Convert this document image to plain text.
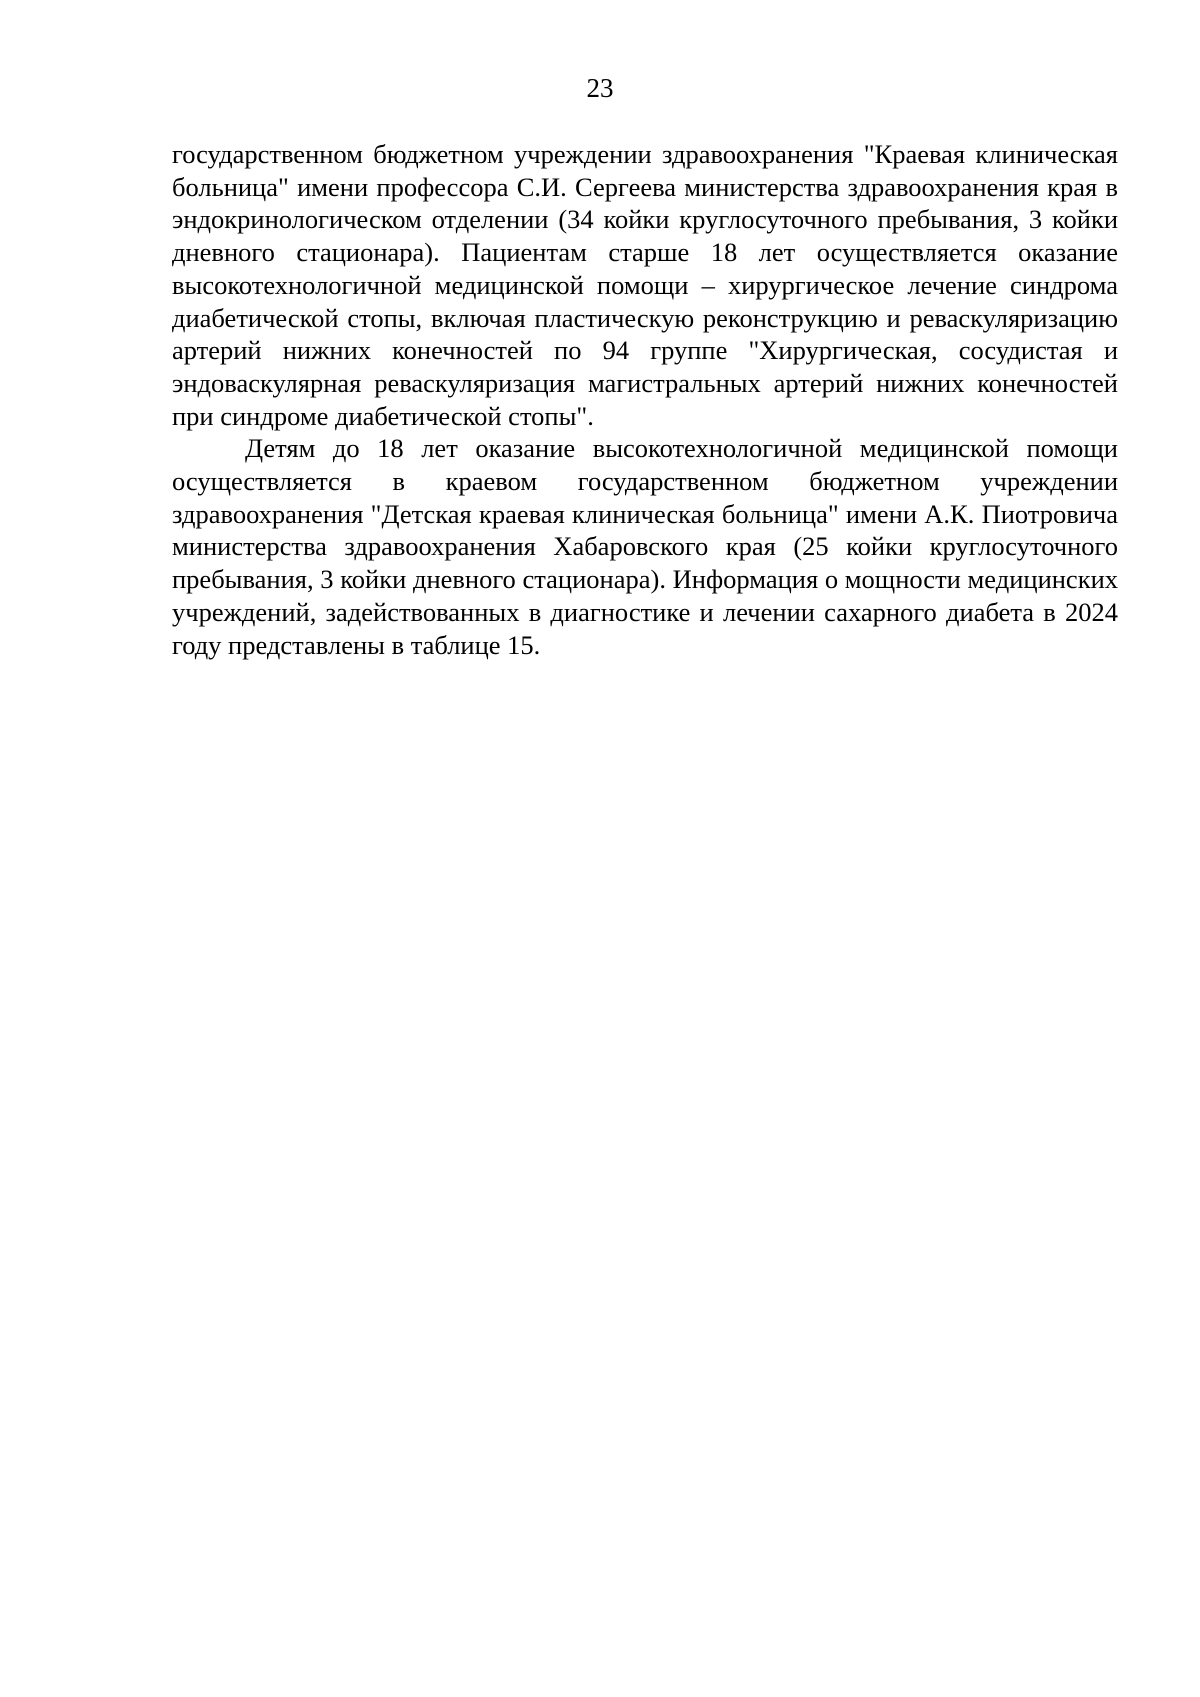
23

государственном бюджетном учреждении здравоохранения "Краевая клиническая больница" имени профессора С.И. Сергеева министерства здравоохранения края в эндокринологическом отделении (34 койки круглосуточного пребывания, 3 койки дневного стационара). Пациентам старше 18 лет осуществляется оказание высокотехнологичной медицинской помощи – хирургическое лечение синдрома диабетической стопы, включая пластическую реконструкцию и реваскуляризацию артерий нижних конечностей по 94 группе "Хирургическая, сосудистая и эндоваскулярная реваскуляризация магистральных артерий нижних конечностей при синдроме диабетической стопы".

Детям до 18 лет оказание высокотехнологичной медицинской помощи осуществляется в краевом государственном бюджетном учреждении здравоохранения "Детская краевая клиническая больница" имени А.К. Пиотровича министерства здравоохранения Хабаровского края (25 койки круглосуточного пребывания, 3 койки дневного стационара). Информация о мощности медицинских учреждений, задействованных в диагностике и лечении сахарного диабета в 2024 году представлены в таблице 15.
